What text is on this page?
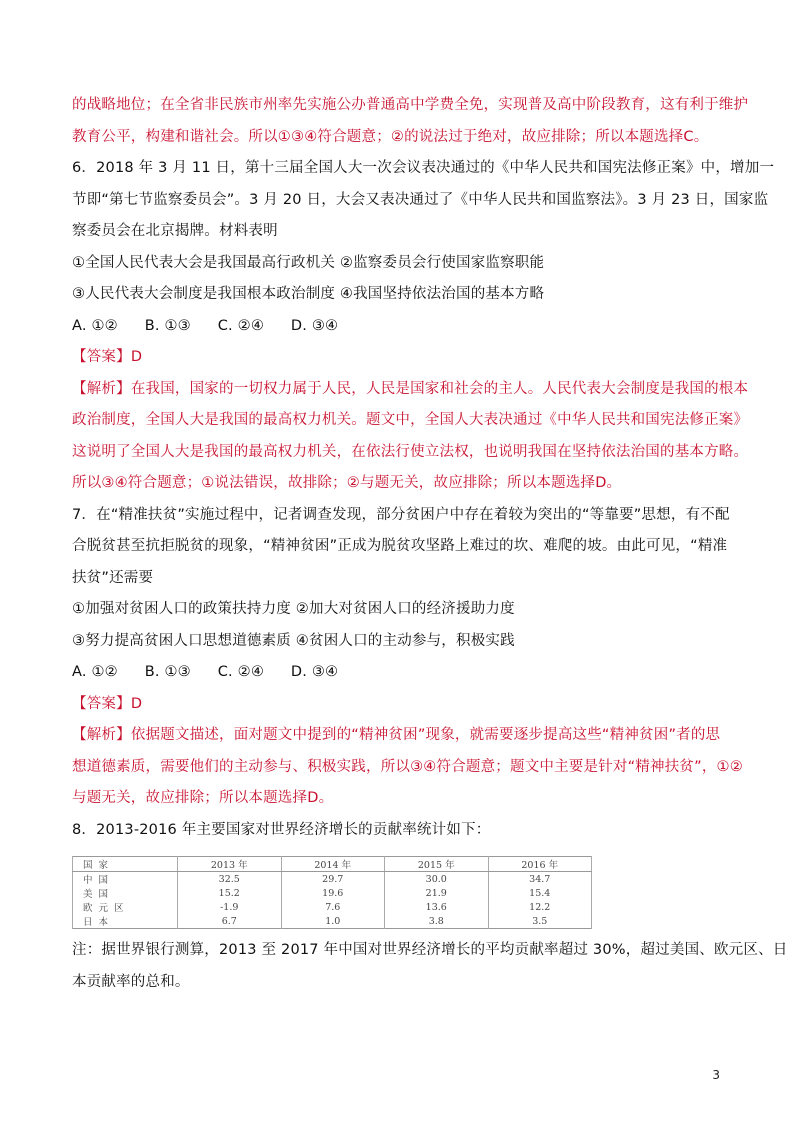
的战略地位；在全省非民族市州率先实施公办普通高中学费全免，实现普及高中阶段教育，这有利于维护
教育公平，构建和谐社会。所以①③④符合题意；②的说法过于绝对，故应排除；所以本题选择C。
6．2018 年 3 月 11 日，第十三届全国人大一次会议表决通过的《中华人民共和国宪法修正案》中，增加一
节即“第七节监察委员会”。3 月 20 日，大会又表决通过了《中华人民共和国监察法》。3 月 23 日，国家监
察委员会在北京揭牌。材料表明
①全国人民代表大会是我国最高行政机关 ②监察委员会行使国家监察职能
③人民代表大会制度是我国根本政治制度 ④我国坚持依法治国的基本方略
A. ①② B. ①③ C. ②④ D. ③④
【答案】D
【解析】在我国，国家的一切权力属于人民，人民是国家和社会的主人。人民代表大会制度是我国的根本
政治制度，全国人大是我国的最高权力机关。题文中，全国人大表决通过《中华人民共和国宪法修正案》
这说明了全国人大是我国的最高权力机关，在依法行使立法权，也说明我国在坚持依法治国的基本方略。
所以③④符合题意；①说法错误，故排除；②与题无关，故应排除；所以本题选择D。
7．在“精准扶贫”实施过程中，记者调查发现，部分贫困户中存在着较为突出的“等靠要”思想，有不配
合脱贫甚至抗拒脱贫的现象，“精神贫困”正成为脱贫攻坚路上难过的坎、难爬的坡。由此可见，“精准
扶贫”还需要
①加强对贫困人口的政策扶持力度 ②加大对贫困人口的经济援助力度
③努力提高贫困人口思想道德素质 ④贫困人口的主动参与，积极实践
A. ①② B. ①③ C. ②④ D. ③④
【答案】D
【解析】依据题文描述，面对题文中提到的“精神贫困”现象，就需要逐步提高这些“精神贫困”者的思
想道德素质，需要他们的主动参与、积极实践，所以③④符合题意；题文中主要是针对“精神扶贫”，①②
与题无关，故应排除；所以本题选择D。
8．2013-2016 年主要国家对世界经济增长的贡献率统计如下：
国家	2013 年	2014 年	2015 年	2016 年
中国	32.5	29.7	30.0	34.7
美国	15.2	19.6	21.9	15.4
欧元区	-1.9	7.6	13.6	12.2
日本	6.7	1.0	3.8	3.5
注：据世界银行测算，2013 至 2017 年中国对世界经济增长的平均贡献率超过 30%，超过美国、欧元区、日
本贡献率的总和。
3
